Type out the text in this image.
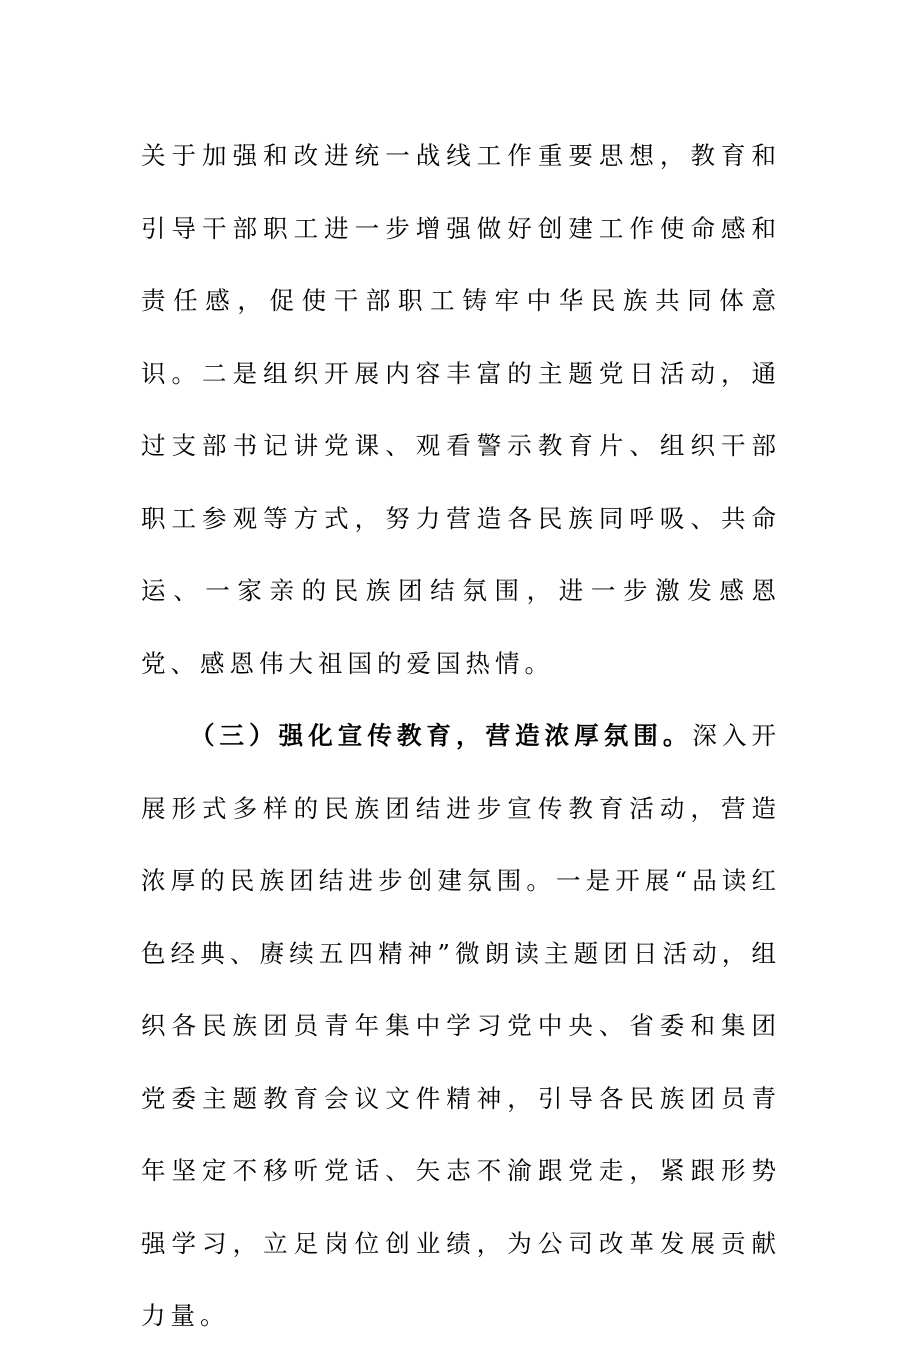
关于加强和改进统一战线工作重要思想，教育和引导干部职工进一步增强做好创建工作使命感和责任感，促使干部职工铸牢中华民族共同体意识。二是组织开展内容丰富的主题党日活动，通过支部书记讲党课、观看警示教育片、组织干部职工参观等方式，努力营造各民族同呼吸、共命运、一家亲的民族团结氛围，进一步激发感恩党、感恩伟大祖国的爱国热情。

（三）强化宣传教育，营造浓厚氛围。深入开展形式多样的民族团结进步宣传教育活动，营造浓厚的民族团结进步创建氛围。一是开展“品读红色经典、赓续五四精神”微朗读主题团日活动，组织各民族团员青年集中学习党中央、省委和集团党委主题教育会议文件精神，引导各民族团员青年坚定不移听党话、矢志不渝跟党走，紧跟形势强学习，立足岗位创业绩，为公司改革发展贡献力量。
